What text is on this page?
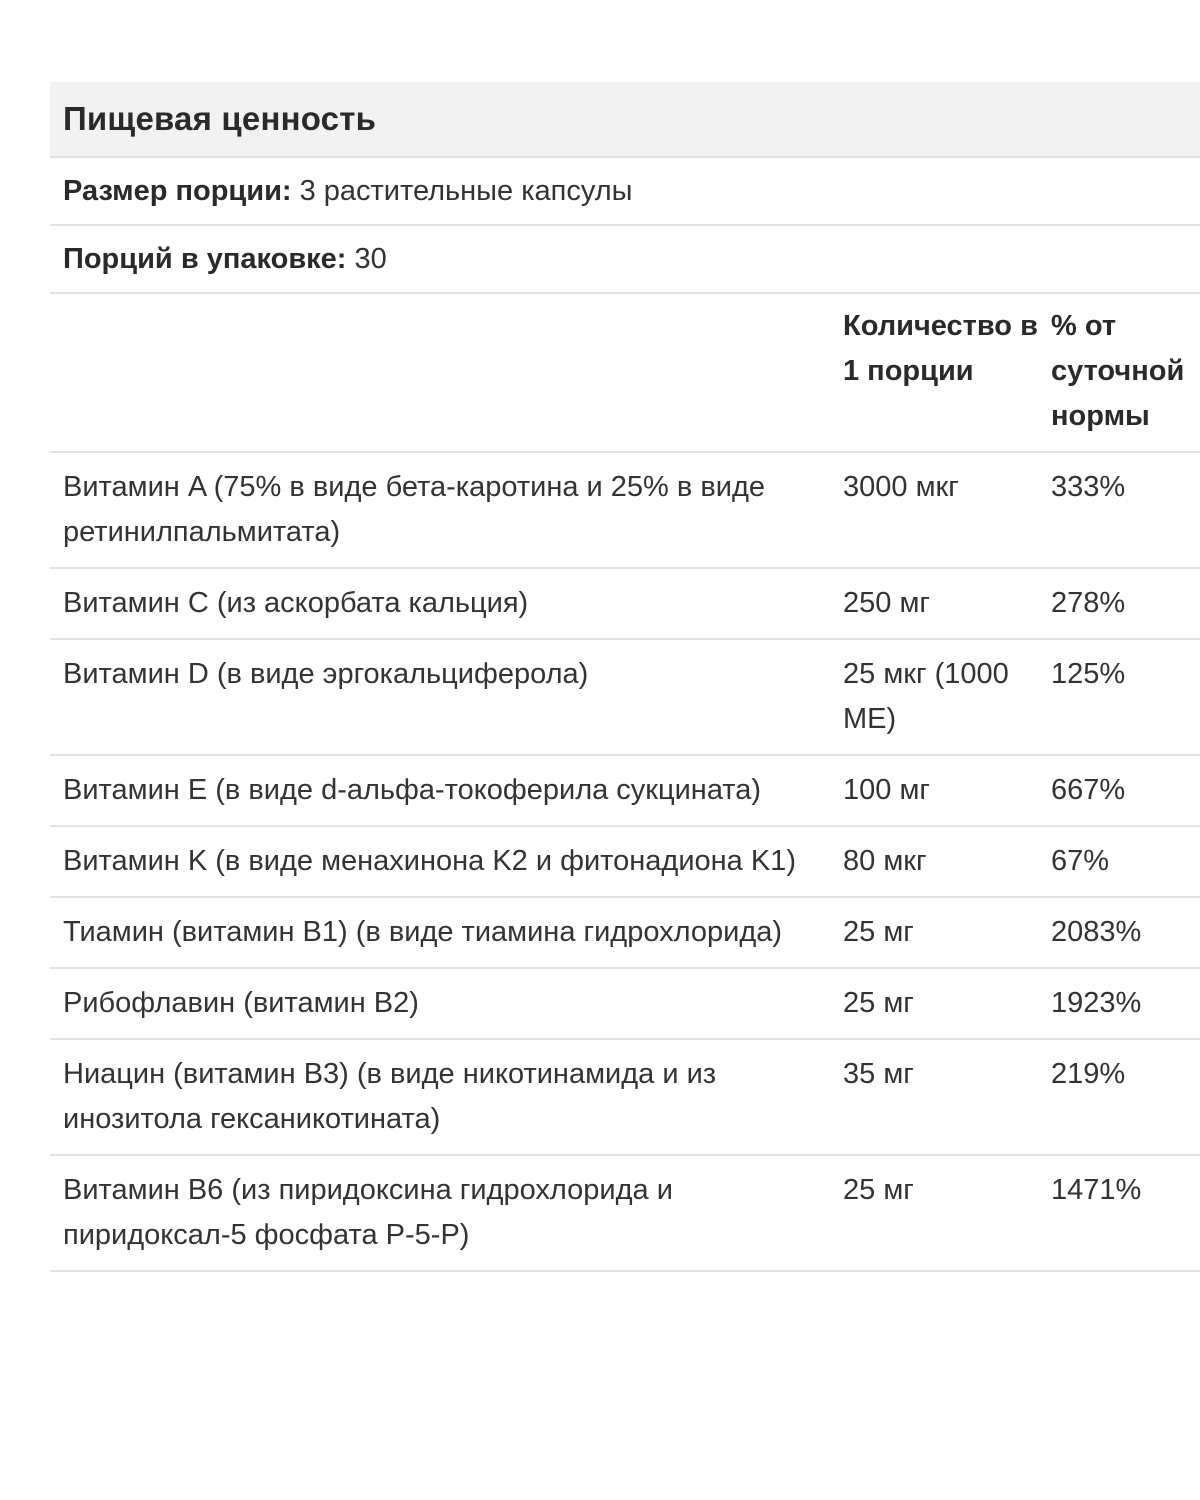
Пищевая ценность
Размер порции: 3 растительные капсулы
Порций в упаковке: 30
	Количество в 1 порции	% от суточной нормы
Витамин A (75% в виде бета-каротина и 25% в виде ретинилпальмитата)	3000 мкг	333%
Витамин C (из аскорбата кальция)	250 мг	278%
Витамин D (в виде эргокальциферола)	25 мкг (1000 МЕ)	125%
Витамин E (в виде d-альфа-токоферила сукцината)	100 мг	667%
Витамин K (в виде менахинона K2 и фитонадиона K1)	80 мкг	67%
Тиамин (витамин B1) (в виде тиамина гидрохлорида)	25 мг	2083%
Рибофлавин (витамин B2)	25 мг	1923%
Ниацин (витамин B3) (в виде никотинамида и из инозитола гексаникотината)	35 мг	219%
Витамин B6 (из пиридоксина гидрохлорида и пиридоксал-5 фосфата P-5-P)	25 мг	1471%
